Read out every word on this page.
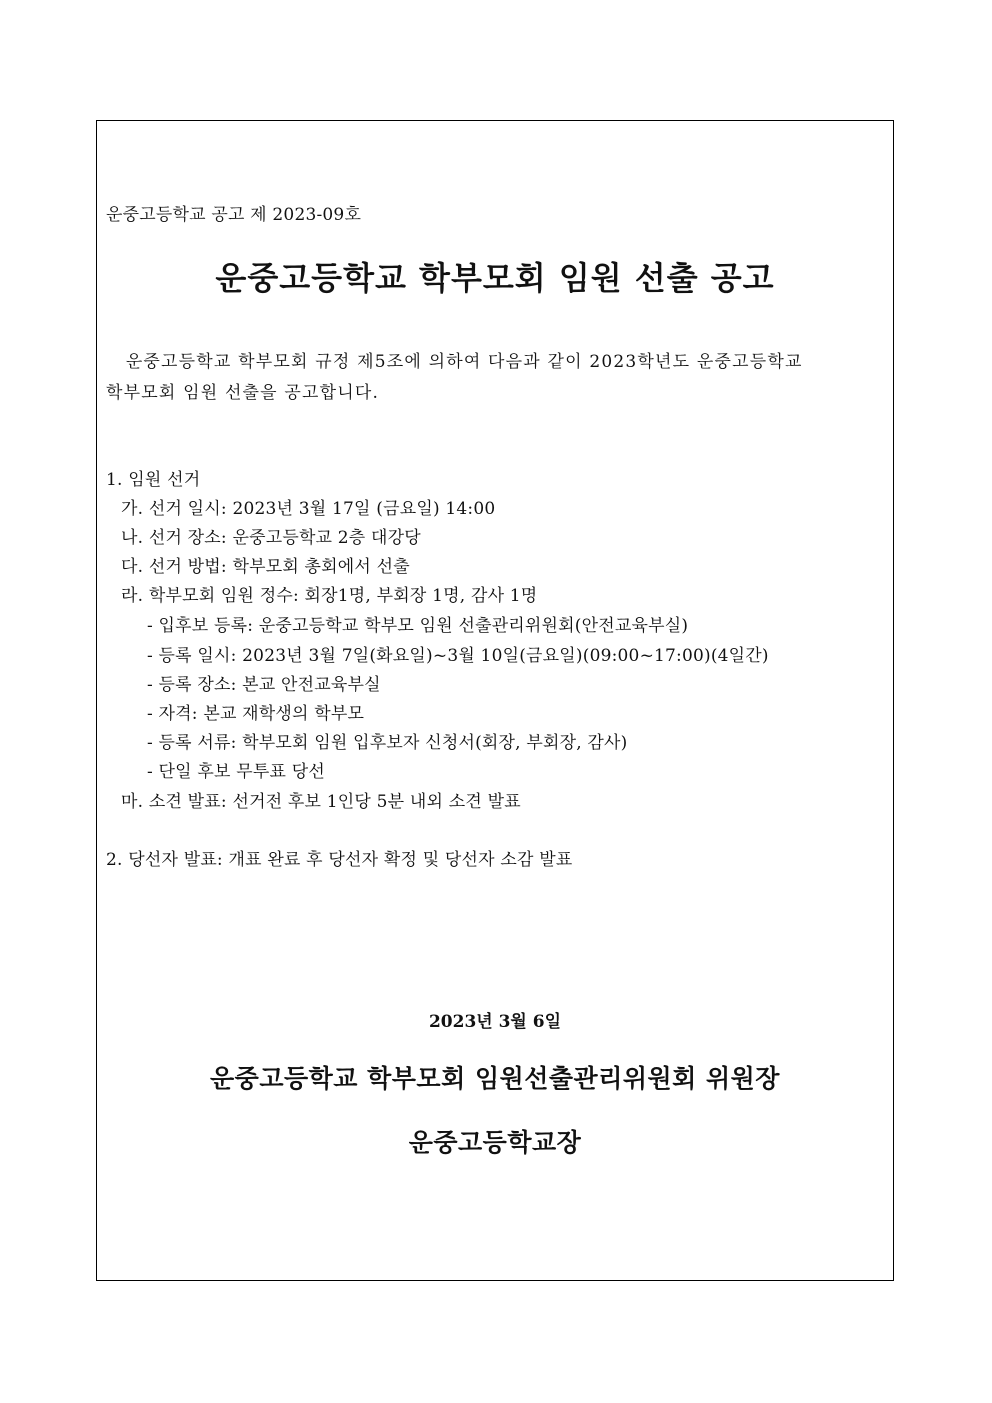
운중고등학교 공고 제 2023-09호
운중고등학교 학부모회 임원 선출 공고
운중고등학교 학부모회 규정 제5조에 의하여 다음과 같이 2023학년도 운중고등학교
학부모회 임원 선출을 공고합니다.
1. 임원 선거
가. 선거 일시: 2023년 3월 17일 (금요일) 14:00
나. 선거 장소: 운중고등학교 2층 대강당
다. 선거 방법: 학부모회 총회에서 선출
라. 학부모회 임원 정수: 회장1명, 부회장 1명, 감사 1명
- 입후보 등록: 운중고등학교 학부모 임원 선출관리위원회(안전교육부실)
- 등록 일시: 2023년 3월 7일(화요일)~3월 10일(금요일)(09:00~17:00)(4일간)
- 등록 장소: 본교 안전교육부실
- 자격: 본교 재학생의 학부모
- 등록 서류: 학부모회 임원 입후보자 신청서(회장, 부회장, 감사)
- 단일 후보 무투표 당선
마. 소견 발표: 선거전 후보 1인당 5분 내외 소견 발표
2. 당선자 발표: 개표 완료 후 당선자 확정 및 당선자 소감 발표
2023년 3월 6일
운중고등학교 학부모회 임원선출관리위원회 위원장
운중고등학교장
